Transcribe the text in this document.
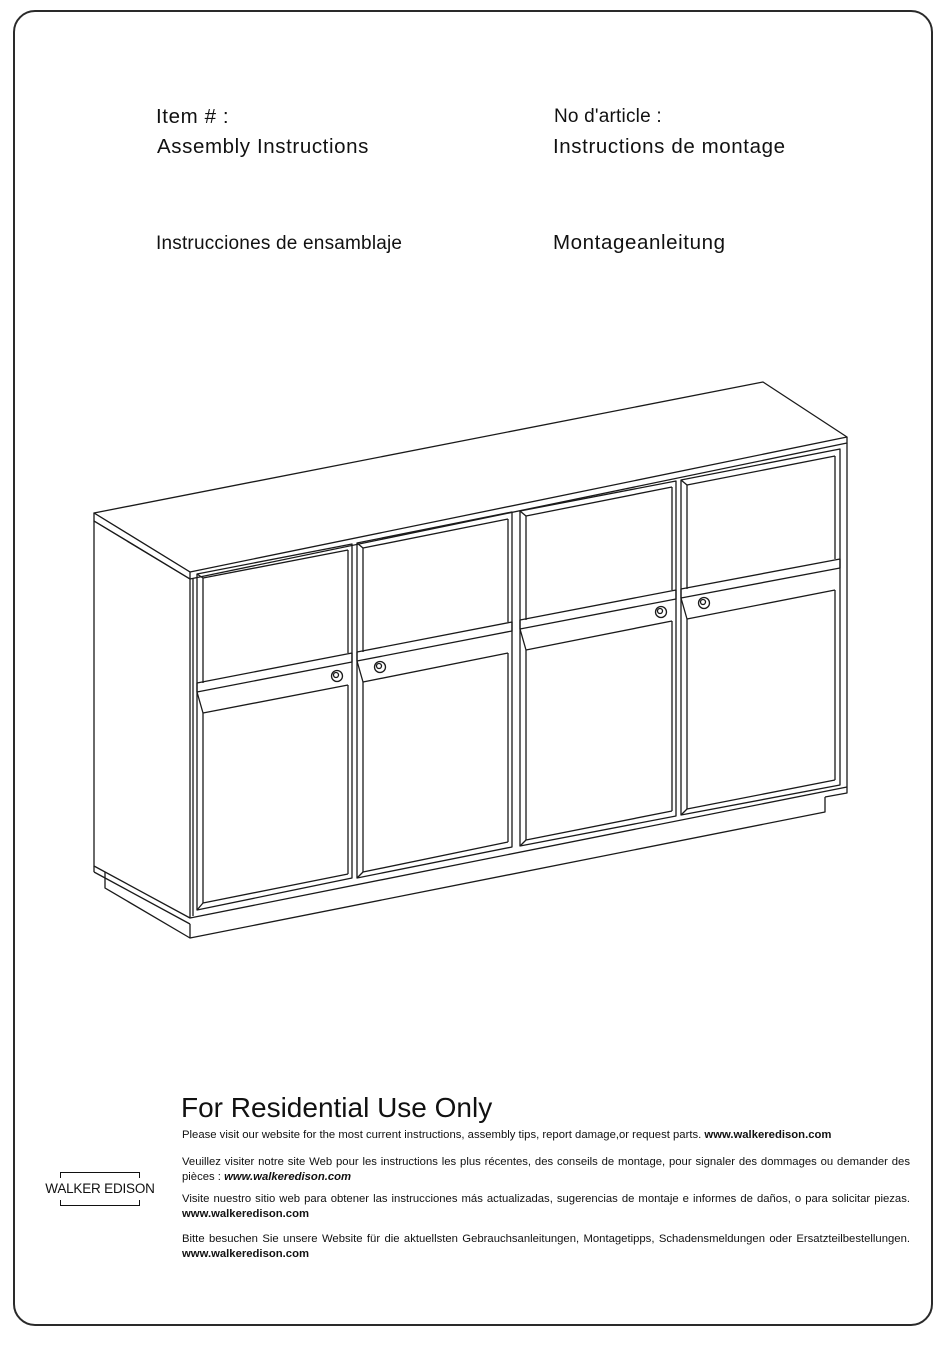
Item # :	No d'article :
Assembly Instructions	Instructions de montage
Instrucciones de ensamblaje	Montageanleitung
For Residential Use Only
Please visit our website for the most current instructions, assembly tips, report damage,or request parts. www.walkeredison.com
Veuillez visiter notre site Web pour les instructions les plus récentes, des conseils de montage, pour signaler des dommages ou demander des pièces : www.walkeredison.com
Visite nuestro sitio web para obtener las instrucciones más actualizadas, sugerencias de montaje e informes de daños, o para solicitar piezas. www.walkeredison.com
Bitte besuchen Sie unsere Website für die aktuellsten Gebrauchsanleitungen, Montagetipps, Schadensmeldungen oder Ersatzteilbestellungen. www.walkeredison.com
WALKER EDISON
